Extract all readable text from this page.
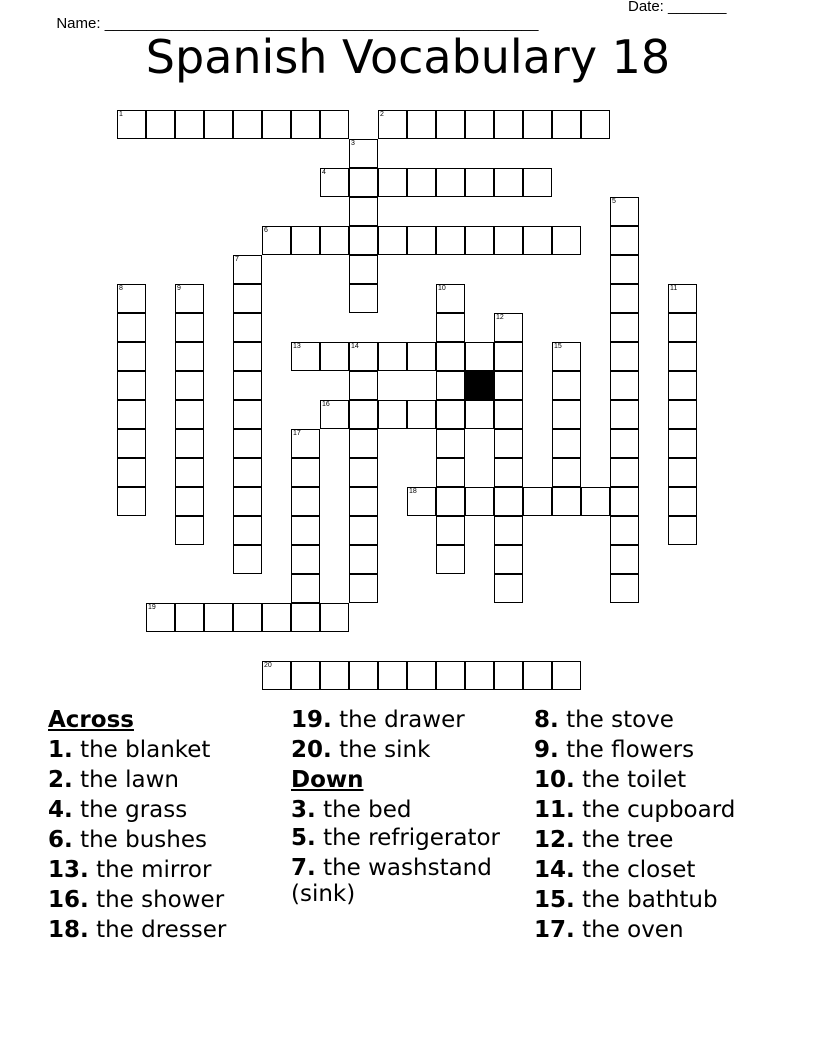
Name: ____________________________________________________

Date: _______

Spanish Vocabulary 18
1	2
3
4
5
6
7
8	9	10	11
12
13	14	15
16
17
18
19
20
Across
1. the blanket
2. the lawn
4. the grass
6. the bushes
13. the mirror
16. the shower
18. the dresser
19. the drawer
20. the sink
Down
3. the bed
5. the refrigerator
7. the washstand (sink)
8. the stove
9. the flowers
10. the toilet
11. the cupboard
12. the tree
14. the closet
15. the bathtub
17. the oven
